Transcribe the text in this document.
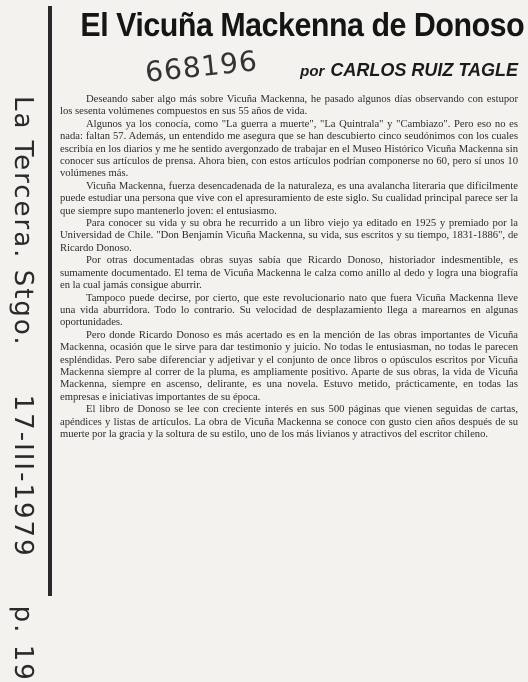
El Vicuña Mackenna de Donoso
668196	por CARLOS RUIZ TAGLE
La Tercera. Stgo.17-III-1979p. 19

Deseando saber algo más sobre Vicuña Mackenna, he pasado algunos días observando con estupor los sesenta volúmenes compuestos en sus 55 años de vida.

Algunos ya los conocía, como "La guerra a muerte", "La Quintrala" y "Cambiazo". Pero eso no es nada: faltan 57. Además, un entendido me asegura que se han descubierto cinco seudónimos con los cuales escribía en los diarios y me he sentido avergonzado de trabajar en el Museo Histórico Vicuña Mackenna sin conocer sus artículos de prensa. Ahora bien, con estos artículos podrían componerse no 60, pero sí unos 10 volúmenes más.

Vicuña Mackenna, fuerza desencadenada de la naturaleza, es una avalancha literaria que difícilmente puede estudiar una persona que vive con el apresuramiento de este siglo. Su cualidad principal parece ser la que siempre supo mantenerlo joven: el entusiasmo.

Para conocer su vida y su obra he recurrido a un libro viejo ya editado en 1925 y premiado por la Universidad de Chile. "Don Benjamín Vicuña Mackenna, su vida, sus escritos y su tiempo, 1831-1886", de Ricardo Donoso.

Por otras documentadas obras suyas sabía que Ricardo Donoso, historiador indesmentible, es sumamente documentado. El tema de Vicuña Mackenna le calza como anillo al dedo y logra una biografía en la cual jamás consigue aburrir.

Tampoco puede decirse, por cierto, que este revolucionario nato que fuera Vicuña Mackenna lleve una vida aburridora. Todo lo contrario. Su velocidad de desplazamiento llega a marearnos en algunas oportunidades.

Pero donde Ricardo Donoso es más acertado es en la mención de las obras importantes de Vicuña Mackenna, ocasión que le sirve para dar testimonio y juicio. No todas le entusiasman, no todas le parecen espléndidas. Pero sabe diferenciar y adjetivar y el conjunto de once libros o opúsculos escritos por Vicuña Mackenna siempre al correr de la pluma, es ampliamente positivo. Aparte de sus obras, la vida de Vicuña Mackenna, siempre en ascenso, delirante, es una novela. Estuvo metido, prácticamente, en todas las empresas e iniciativas importantes de su época.

El libro de Donoso se lee con creciente interés en sus 500 páginas que vienen seguidas de cartas, apéndices y listas de artículos. La obra de Vicuña Mackenna se conoce con gusto cien años después de su muerte por la gracia y la soltura de su estilo, uno de los más livianos y atractivos del escritor chileno.
